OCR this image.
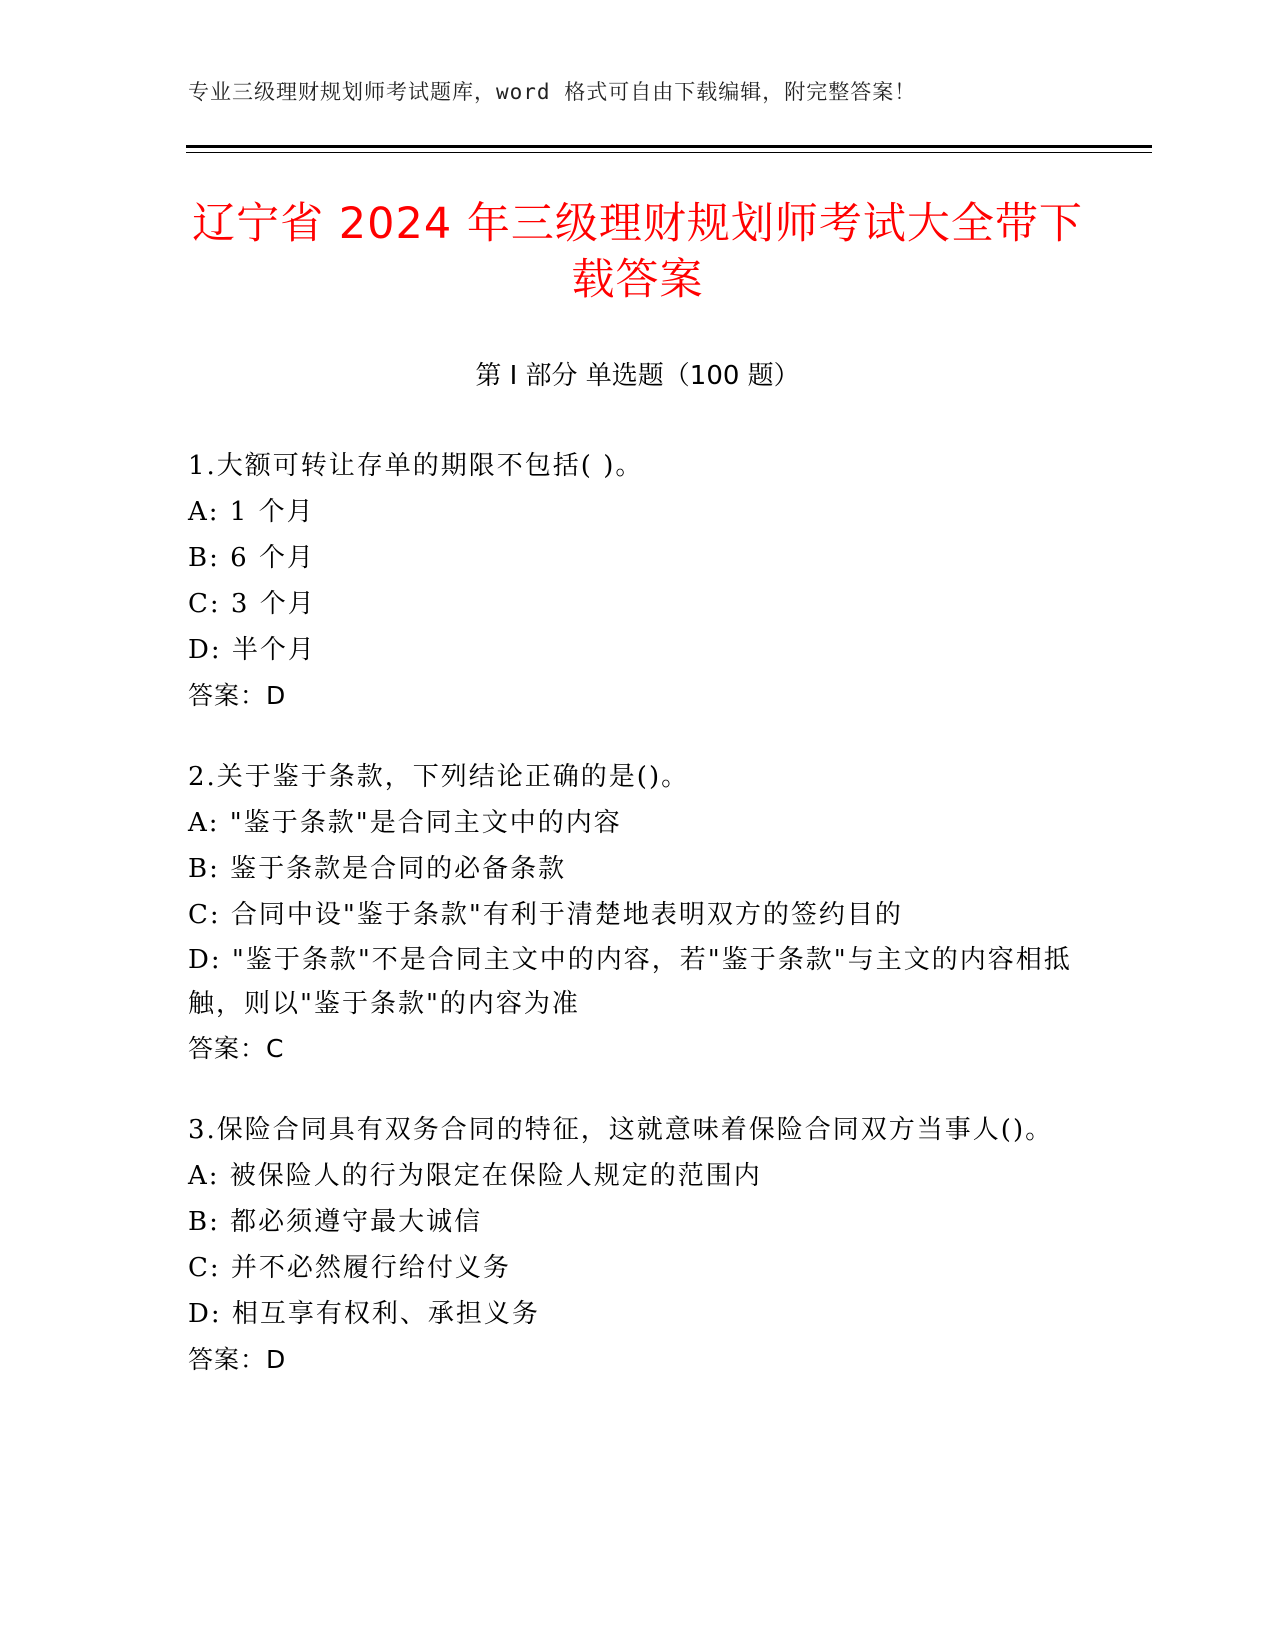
专业三级理财规划师考试题库，word 格式可自由下载编辑，附完整答案！
辽宁省 2024 年三级理财规划师考试大全带下
载答案
第 I 部分 单选题（100 题）
1.大额可转让存单的期限不包括( )。
A: 1 个月
B: 6 个月
C: 3 个月
D: 半个月
答案：D
2.关于鉴于条款，下列结论正确的是()。
A: "鉴于条款"是合同主文中的内容
B: 鉴于条款是合同的必备条款
C: 合同中设"鉴于条款"有利于清楚地表明双方的签约目的
D: "鉴于条款"不是合同主文中的内容，若"鉴于条款"与主文的内容相抵触，则以"鉴于条款"的内容为准
答案：C
3.保险合同具有双务合同的特征，这就意味着保险合同双方当事人()。
A: 被保险人的行为限定在保险人规定的范围内
B: 都必须遵守最大诚信
C: 并不必然履行给付义务
D: 相互享有权利、承担义务
答案：D
